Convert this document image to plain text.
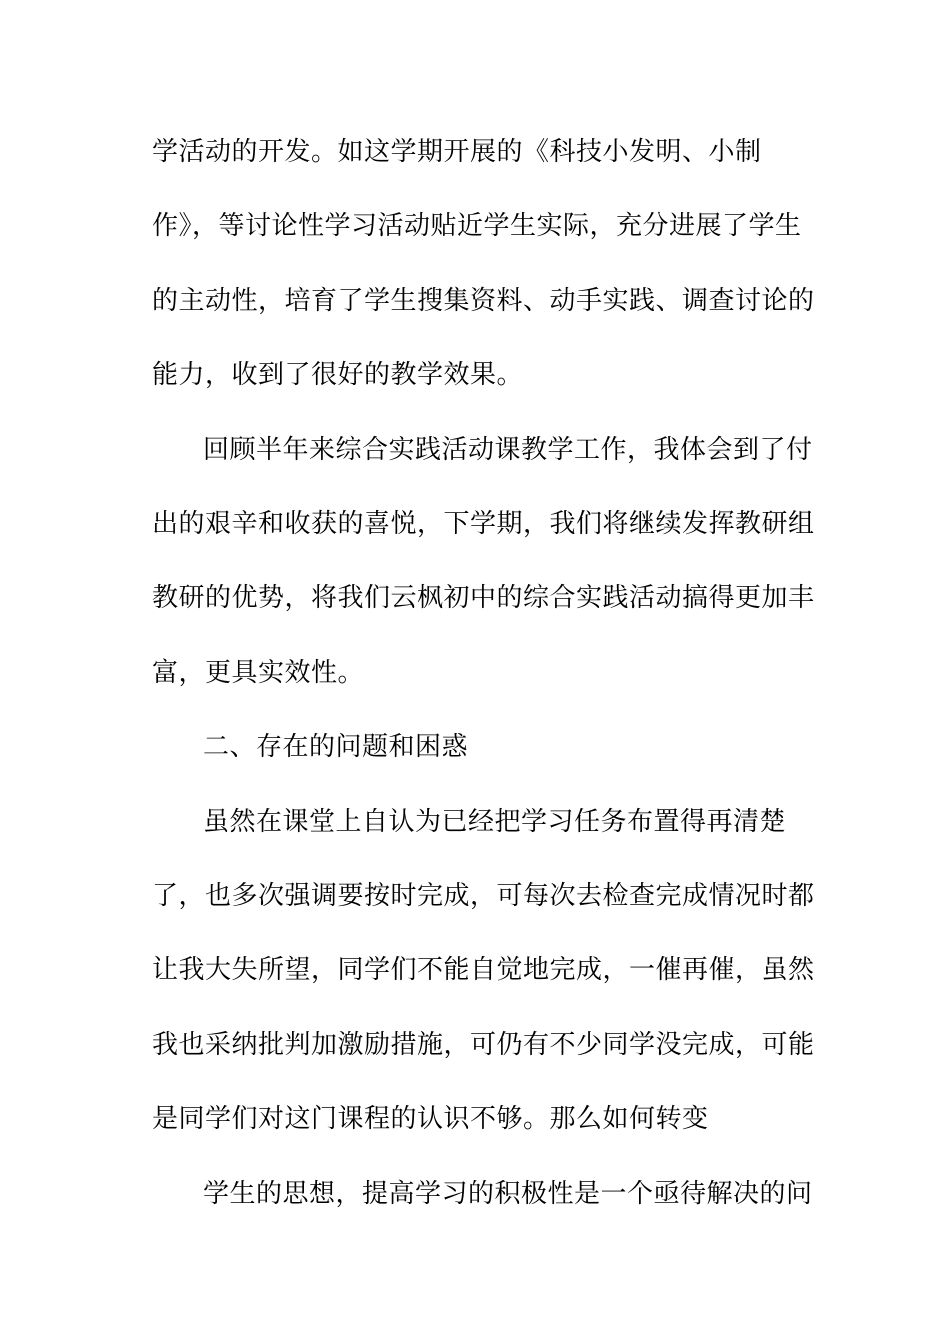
学活动的开发。如这学期开展的《科技小发明、小制
作》，等讨论性学习活动贴近学生实际，充分进展了学生
的主动性，培育了学生搜集资料、动手实践、调查讨论的
能力，收到了很好的教学效果。
回顾半年来综合实践活动课教学工作，我体会到了付
出的艰辛和收获的喜悦，下学期，我们将继续发挥教研组
教研的优势，将我们云枫初中的综合实践活动搞得更加丰
富，更具实效性。
二、存在的问题和困惑
虽然在课堂上自认为已经把学习任务布置得再清楚
了，也多次强调要按时完成，可每次去检查完成情况时都
让我大失所望，同学们不能自觉地完成，一催再催，虽然
我也采纳批判加激励措施，可仍有不少同学没完成，可能
是同学们对这门课程的认识不够。那么如何转变
学生的思想，提高学习的积极性是一个亟待解决的问
